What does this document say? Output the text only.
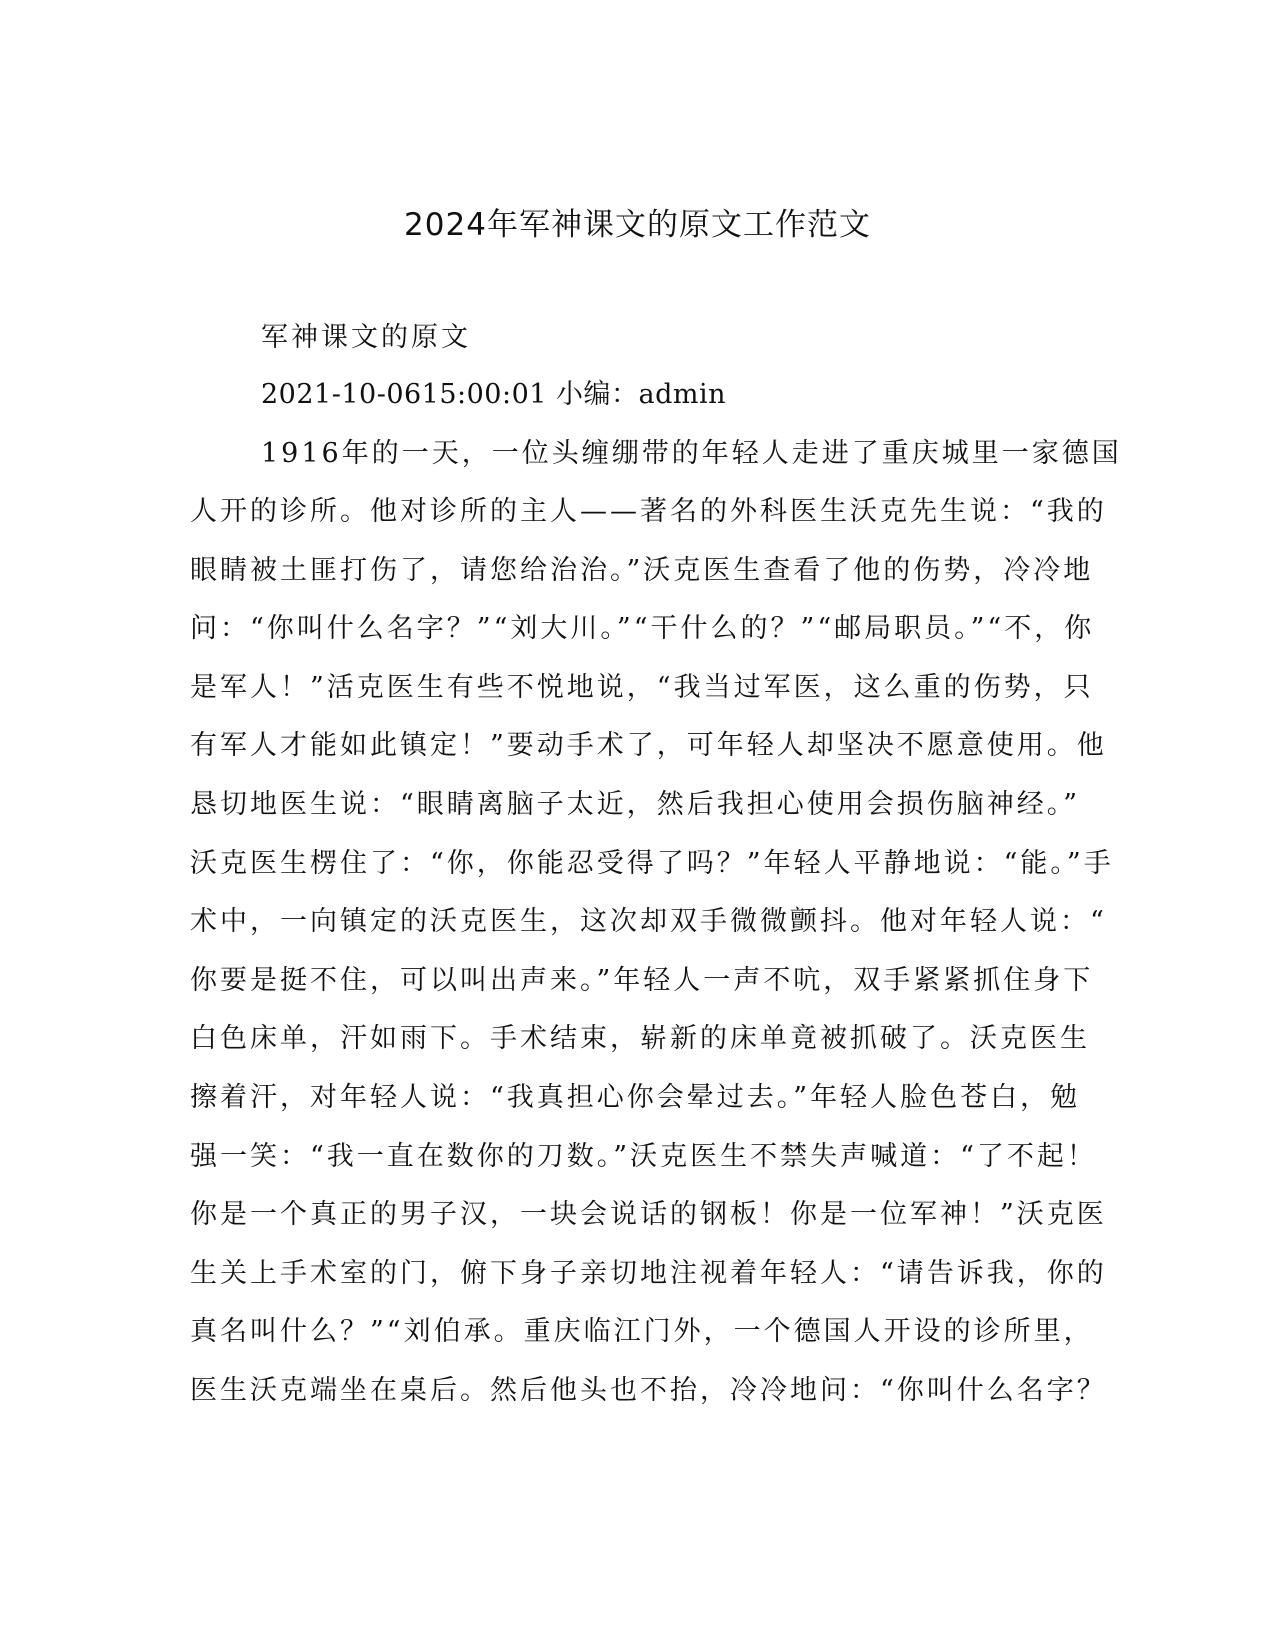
2024年军神课文的原文工作范文
军神课文的原文
2021-10-0615:00:01 小编：admin
1916年的一天，一位头缠绷带的年轻人走进了重庆城里一家德国
人开的诊所。他对诊所的主人——著名的外科医生沃克先生说：“我的
眼睛被土匪打伤了，请您给治治。”沃克医生查看了他的伤势，冷冷地
问：“你叫什么名字？”“刘大川。”“干什么的？”“邮局职员。”“不，你
是军人！”活克医生有些不悦地说，“我当过军医，这么重的伤势，只
有军人才能如此镇定！”要动手术了，可年轻人却坚决不愿意使用。他
恳切地医生说：“眼睛离脑子太近，然后我担心使用会损伤脑神经。”
沃克医生楞住了：“你，你能忍受得了吗？”年轻人平静地说：“能。”手
术中，一向镇定的沃克医生，这次却双手微微颤抖。他对年轻人说：“
你要是挺不住，可以叫出声来。”年轻人一声不吭，双手紧紧抓住身下
白色床单，汗如雨下。手术结束，崭新的床单竟被抓破了。沃克医生
擦着汗，对年轻人说：“我真担心你会晕过去。”年轻人脸色苍白，勉
强一笑：“我一直在数你的刀数。”沃克医生不禁失声喊道：“了不起！
你是一个真正的男子汉，一块会说话的钢板！你是一位军神！”沃克医
生关上手术室的门，俯下身子亲切地注视着年轻人：“请告诉我，你的
真名叫什么？”“刘伯承。重庆临江门外，一个德国人开设的诊所里，
医生沃克端坐在桌后。然后他头也不抬，冷冷地问：“你叫什么名字？
